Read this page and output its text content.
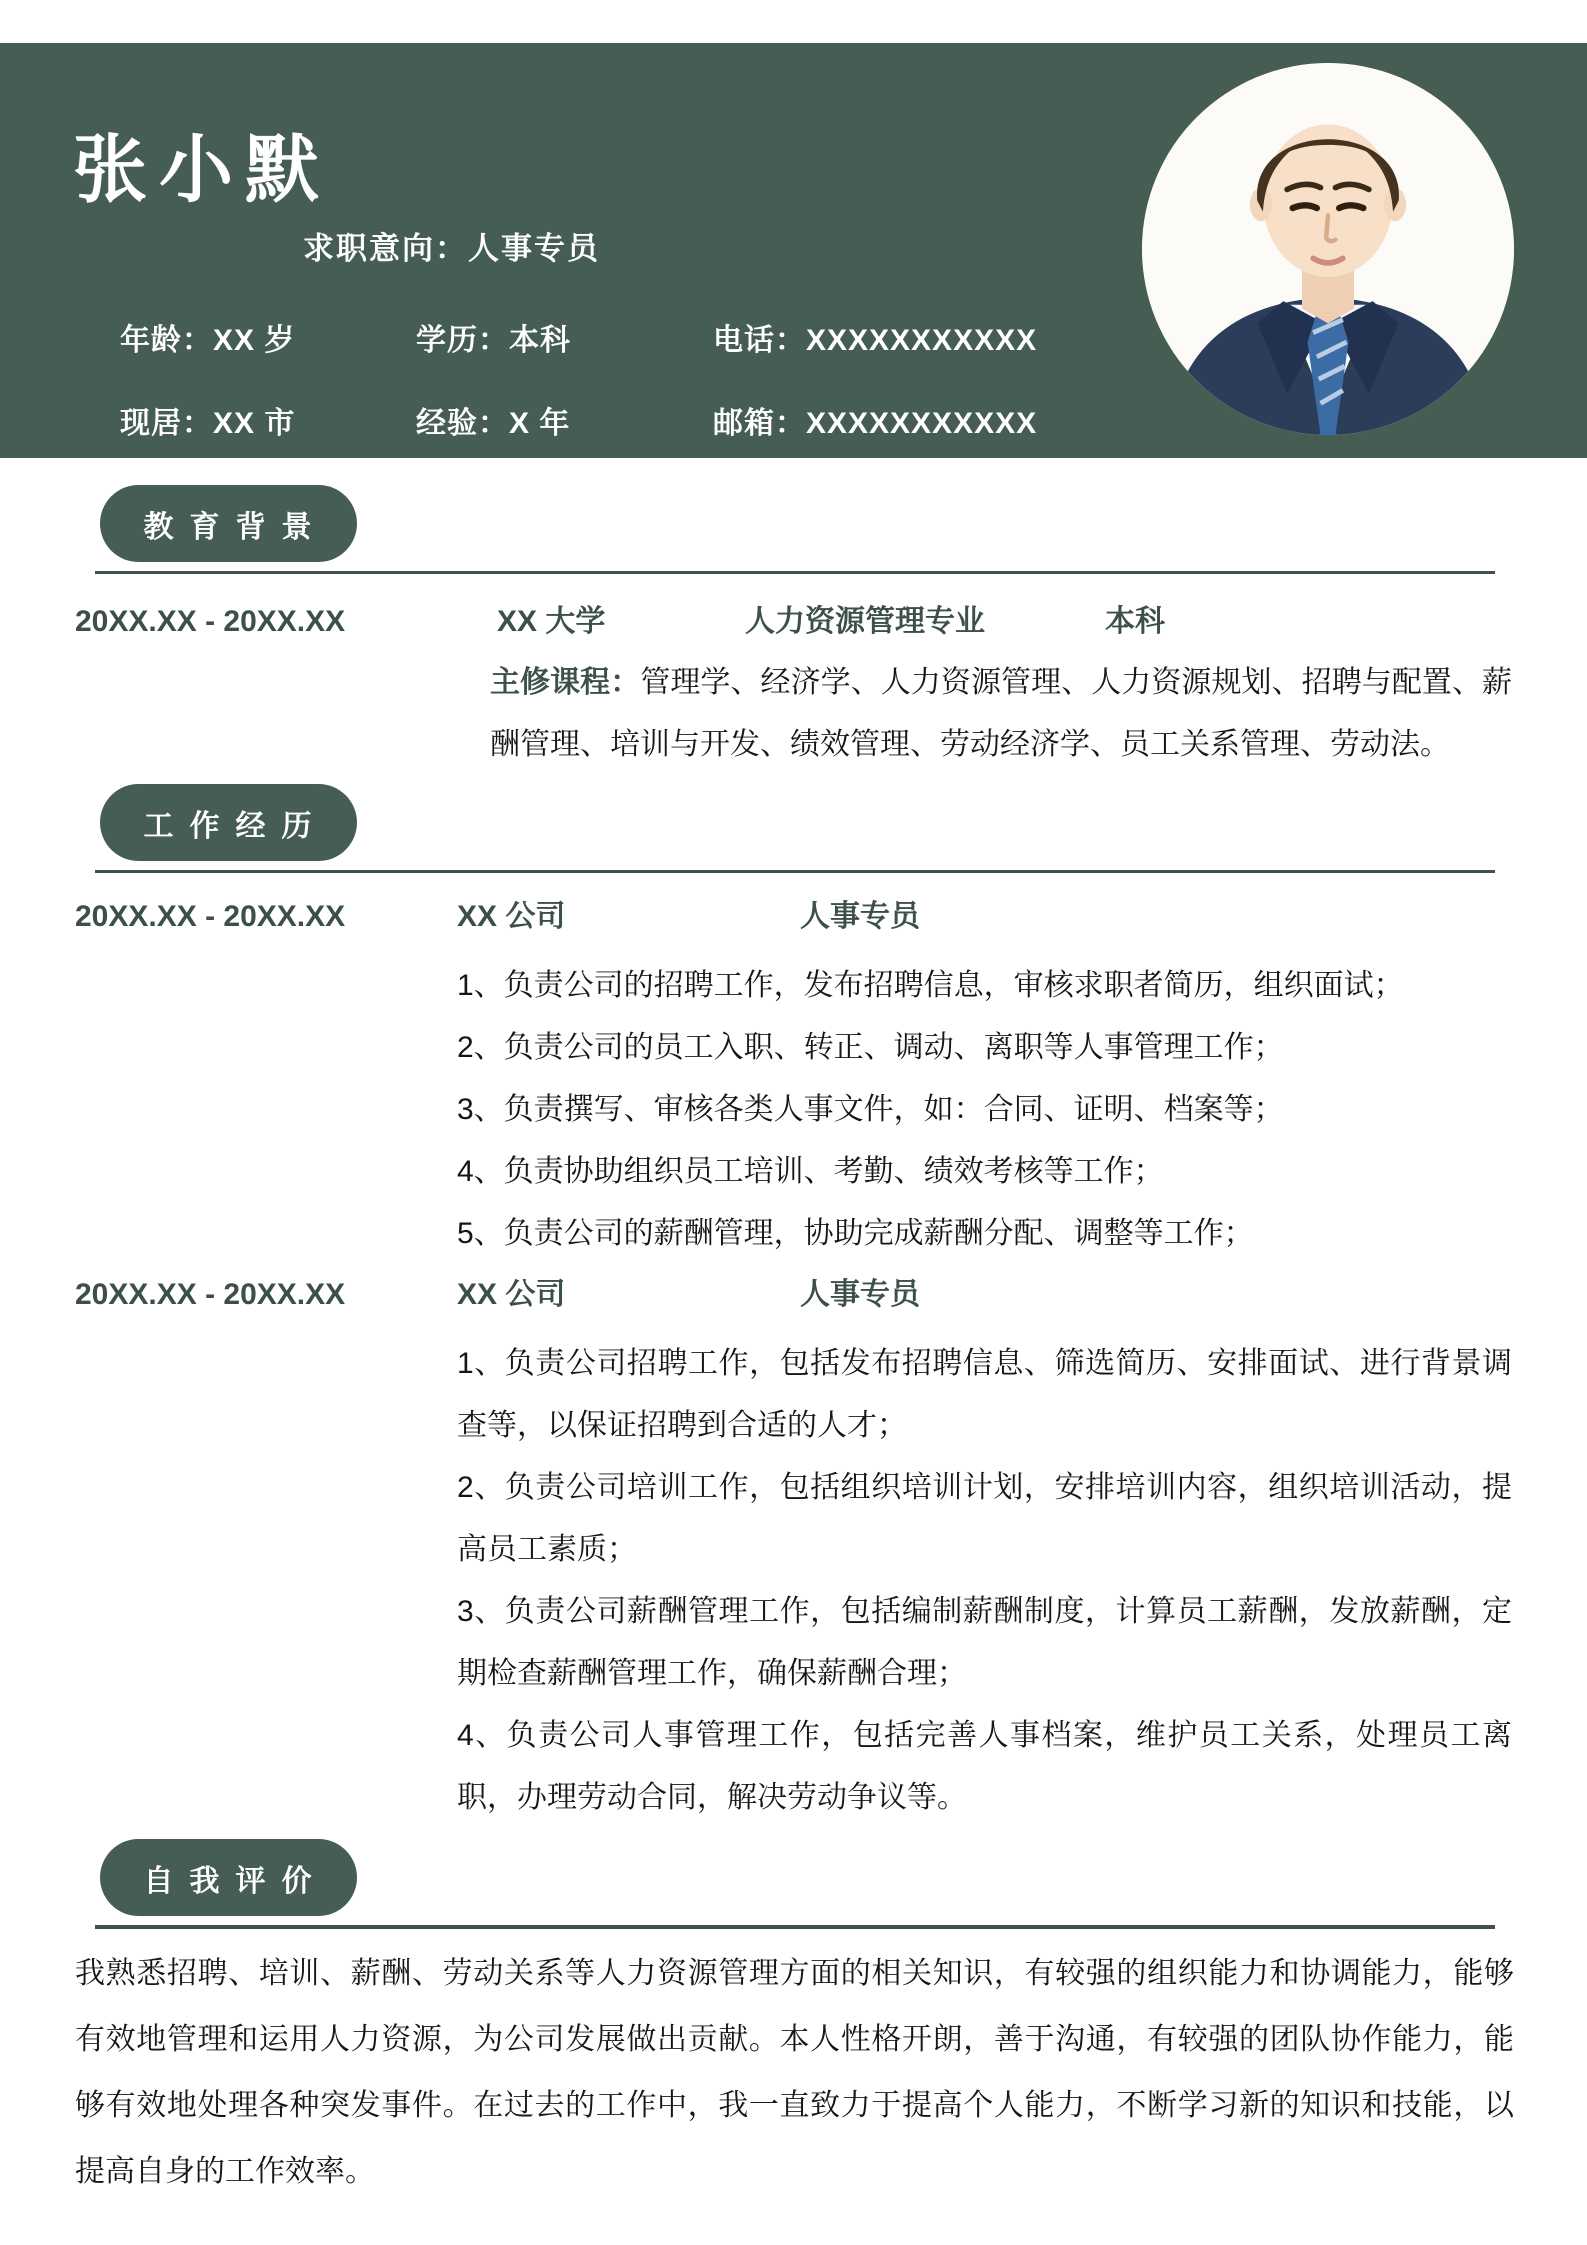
张小默
求职意向：人事专员
年龄：XX 岁	学历：本科	电话：XXXXXXXXXXX
现居：XX 市	经验：X 年	邮箱：XXXXXXXXXXX
教育背景
20XX.XX - 20XX.XX	XX 大学	人力资源管理专业	本科
主修课程：管理学、经济学、人力资源管理、人力资源规划、招聘与配置、薪酬管理、培训与开发、绩效管理、劳动经济学、员工关系管理、劳动法。
工作经历
20XX.XX - 20XX.XX	XX 公司	人事专员
1、负责公司的招聘工作，发布招聘信息，审核求职者简历，组织面试；
2、负责公司的员工入职、转正、调动、离职等人事管理工作；
3、负责撰写、审核各类人事文件，如：合同、证明、档案等；
4、负责协助组织员工培训、考勤、绩效考核等工作；
5、负责公司的薪酬管理，协助完成薪酬分配、调整等工作；
20XX.XX - 20XX.XX	XX 公司	人事专员
1、负责公司招聘工作，包括发布招聘信息、筛选简历、安排面试、进行背景调查等，以保证招聘到合适的人才；
2、负责公司培训工作，包括组织培训计划，安排培训内容，组织培训活动，提高员工素质；
3、负责公司薪酬管理工作，包括编制薪酬制度，计算员工薪酬，发放薪酬，定期检查薪酬管理工作，确保薪酬合理；
4、负责公司人事管理工作，包括完善人事档案，维护员工关系，处理员工离职，办理劳动合同，解决劳动争议等。
自我评价
我熟悉招聘、培训、薪酬、劳动关系等人力资源管理方面的相关知识，有较强的组织能力和协调能力，能够有效地管理和运用人力资源，为公司发展做出贡献。本人性格开朗，善于沟通，有较强的团队协作能力，能够有效地处理各种突发事件。在过去的工作中，我一直致力于提高个人能力，不断学习新的知识和技能，以提高自身的工作效率。
